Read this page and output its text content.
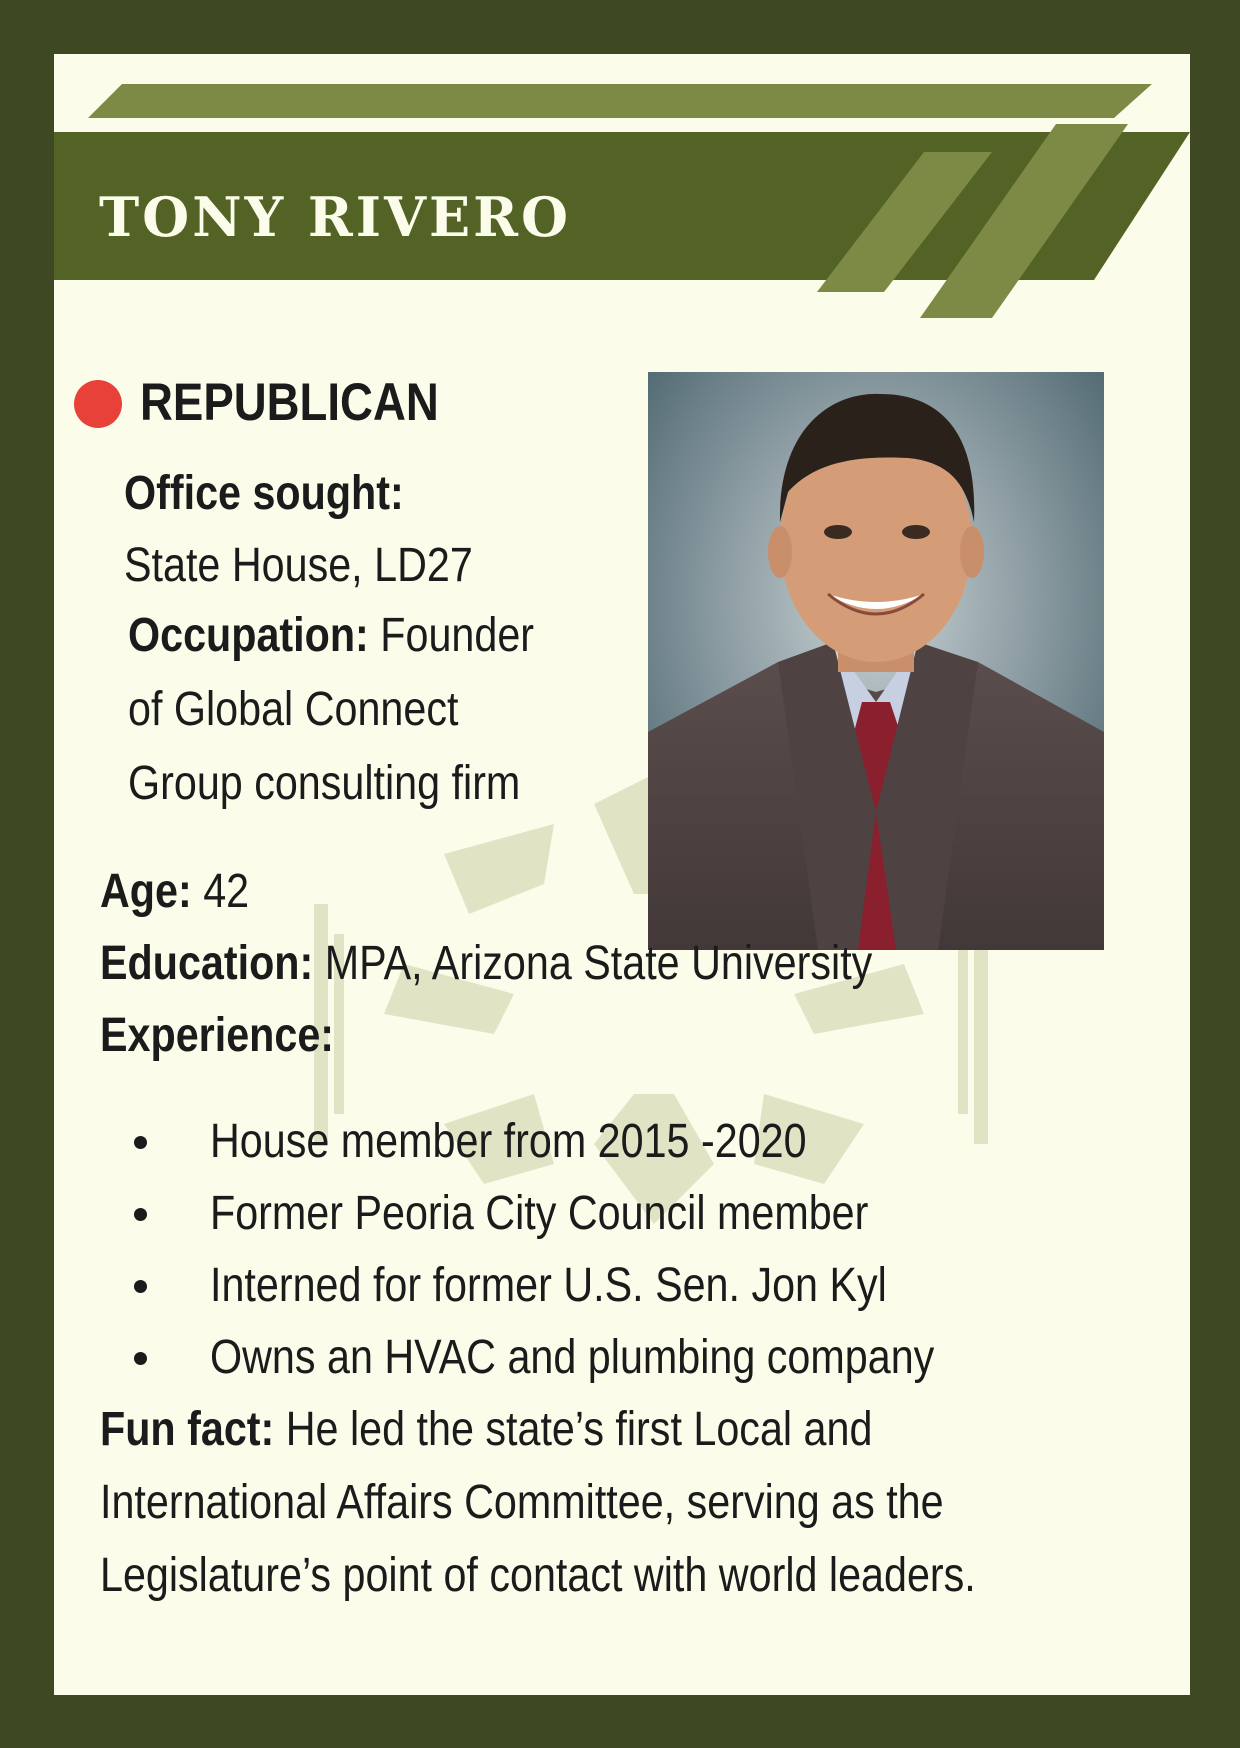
TONY RIVERO
REPUBLICAN
Office sought:
State House, LD27
Occupation: Founder
of Global Connect
Group consulting firm
Age: 42
Education: MPA, Arizona State University
Experience:
House member from 2015 -2020
Former Peoria City Council member
Interned for former U.S. Sen. Jon Kyl
Owns an HVAC and plumbing company
Fun fact: He led the state’s first Local and
International Affairs Committee, serving as the
Legislature’s point of contact with world leaders.
